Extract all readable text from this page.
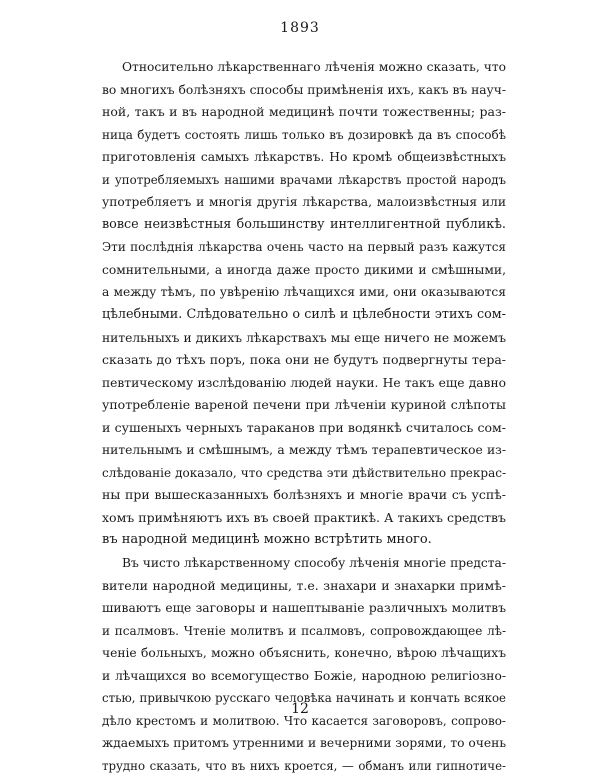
1893
Относительно лѣкарственнаго лѣченія можно сказать, что
во многихъ болѣзняхъ способы примѣненія ихъ, какъ въ науч-
ной, такъ и въ народной медицинѣ почти тожественны; раз-
ница будетъ состоять лишь только въ дозировкѣ да въ способѣ
приготовленія самыхъ лѣкарствъ. Но кромѣ общеизвѣстныхъ
и употребляемыхъ нашими врачами лѣкарствъ простой народъ
употребляетъ и многія другія лѣкарства, малоизвѣстныя или
вовсе неизвѣстныя большинству интеллигентной публикѣ.
Эти послѣднія лѣкарства очень часто на первый разъ кажутся
сомнительными, а иногда даже просто дикими и смѣшными,
а между тѣмъ, по увѣренію лѣчащихся ими, они оказываются
цѣлебными. Слѣдовательно о силѣ и цѣлебности этихъ сом-
нительныхъ и дикихъ лѣкарствахъ мы еще ничего не можемъ
сказать до тѣхъ поръ, пока они не будутъ подвергнуты тера-
певтическому изслѣдованію людей науки. Не такъ еще давно
употребленіе вареной печени при лѣченіи куриной слѣпоты
и сушеныхъ черныхъ тараканов при водянкѣ считалось сом-
нительнымъ и смѣшнымъ, а между тѣмъ терапевтическое из-
слѣдованіе доказало, что средства эти дѣйствительно прекрас-
ны при вышесказанныхъ болѣзняхъ и многіе врачи съ успѣ-
хомъ примѣняютъ ихъ въ своей практикѣ. А такихъ средствъ
въ народной медицинѣ можно встрѣтить много.
Въ чисто лѣкарственному способу лѣченія многіе предста-
вители народной медицины, т.е. знахари и знахарки примѣ-
шиваютъ еще заговоры и нашептываніе различныхъ молитвъ
и псалмовъ. Чтеніе молитвъ и псалмовъ, сопровождающее лѣ-
ченіе больныхъ, можно объяснить, конечно, вѣрою лѣчащихъ
и лѣчащихся во всемогущество Божіе, народною религіозно-
стью, привычкою русскаго человѣка начинать и кончать всякое
дѣло крестомъ и молитвою. Что касается заговоровъ, сопрово-
ждаемыхъ притомъ утренними и вечерними зорями, то очень
трудно сказать, что въ нихъ кроется, — обманъ или гипнотиче-
12
